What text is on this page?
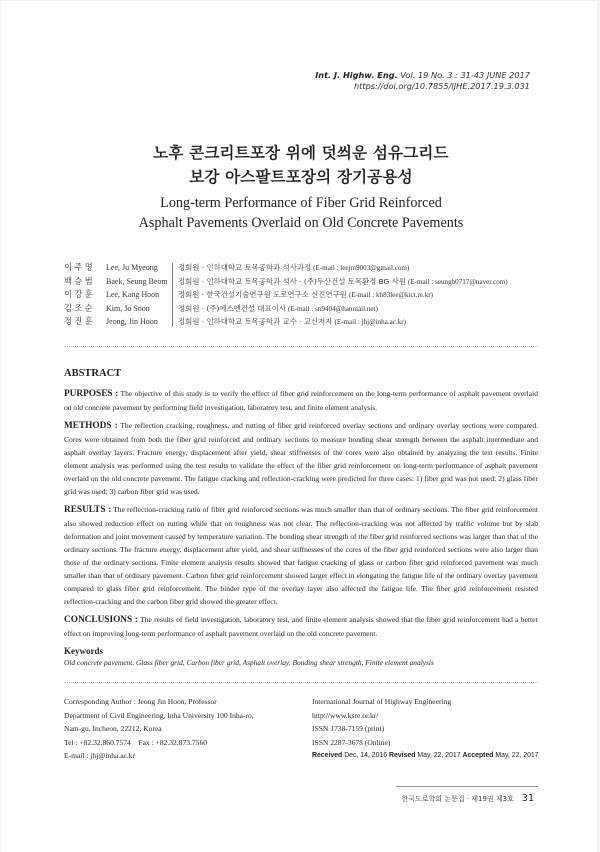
Int. J. Highw. Eng. Vol. 19 No. 3 : 31-43 JUNE 2017
https://doi.org/10.7855/IJHE.2017.19.3.031
노후 콘크리트포장 위에 덧씌운 섬유그리드
보강 아스팔트포장의 장기공용성
Long-term Performance of Fiber Grid Reinforced
Asphalt Pavements Overlaid on Old Concrete Pavements
이주명	Lee, Ju Myeong	정회원 · 인하대학교 토목공학과 석사과정 (E-mail : leejm9003@gmail.com)
백승범	Baek, Seung Beom	정회원 · 인하대학교 토목공학과 석사 · (주)두산건설 토목환경 BG 사원 (E-mail : seungb0717@naver.com)
이강훈	Lee, Kang Hoon	정회원 · 한국건설기술연구원 도로연구소 신진연구원 (E-mail : kh83lee@kict.re.kr)
김조순	Kim, Jo Soon	정회원 · (주)에스엔건설 대표이사 (E-mail : sn9404@hanmail.net)
정진훈	Jeong, Jin Hoon	정회원 · 인하대학교 토목공학과 교수 · 교신저자 (E-mail : jhj@inha.ac.kr)
ABSTRACT

PURPOSES : The objective of this study is to verify the effect of fiber grid reinforcement on the long-term performance of asphalt pavement overlaid on old concrete pavement by performing field investigation, laboratory test, and finite element analysis.

METHODS : The reflection cracking, roughness, and rutting of fiber grid reinforced overlay sections and ordinary overlay sections were compared. Cores were obtained from both the fiber grid reinforced and ordinary sections to measure bonding shear strength between the asphalt intermediate and asphalt overlay layers. Fracture energy, displacement after yield, shear stiffnesses of the cores were also obtained by analyzing the test results. Finite element analysis was performed using the test results to validate the effect of the fiber grid reinforcement on long-term performance of asphalt pavement overlaid on the old concrete pavement. The fatigue cracking and reflection-cracking were predicted for three cases: 1) fiber grid was not used; 2) glass fiber grid was used; 3) carbon fiber grid was used.

RESULTS : The reflection-cracking ratio of fiber grid reinforced sections was much smaller than that of ordinary sections. The fiber grid reinforcement also showed reduction effect on rutting while that on roughness was not clear. The reflection-cracking was not affected by traffic volume but by slab deformation and joint movement caused by temperature variation. The bonding shear strength of the fiber grid reinforced sections was larger than that of the ordinary sections. The fracture energy, displacement after yield, and shear stiffnesses of the cores of the fiber grid reinforced sections were also larger than those of the ordinary sections. Finite element analysis results showed that fatigue cracking of glass or carbon fiber grid reinforced pavement was much smaller than that of ordinary pavement. Carbon fiber grid reinforcement showed larger effect in elongating the fatigue life of the ordinary overlay pavement compared to glass fiber grid reinforcement. The binder type of the overlay layer also affected the fatigue life. The fiber grid reinforcement resisted reflection-cracking and the carbon fiber grid showed the greater effect.

CONCLUSIONS : The results of field investigation, laboratory test, and finite element analysis showed that the fiber grid reinforcement had a better effect on improving long-term performance of asphalt pavement overlaid on the old concrete pavement.

Keywords
Old concrete pavement, Glass fiber grid, Carbon fiber grid, Asphalt overlay, Bonding shear strength, Finite element analysis
Corresponding Author : Jeong Jin Hoon, Professor
Department of Civil Engineering, Inha University 100 Inha-ro,
Nam-gu, Incheon, 22212, Korea
Tel : +82.32.860.7574    Fax : +82.32.873.7560
E-mail : jhj@inha.ac.kr
International Journal of Highway Engineering
http://www.ksre.or.kr/
ISSN 1738-7159 (print)
ISSN 2287-3678 (Online)
Received Dec, 14, 2016 Revised May, 22, 2017 Accepted May, 22, 2017
한국도로학회 논문집 · 제19권 제3호 31
